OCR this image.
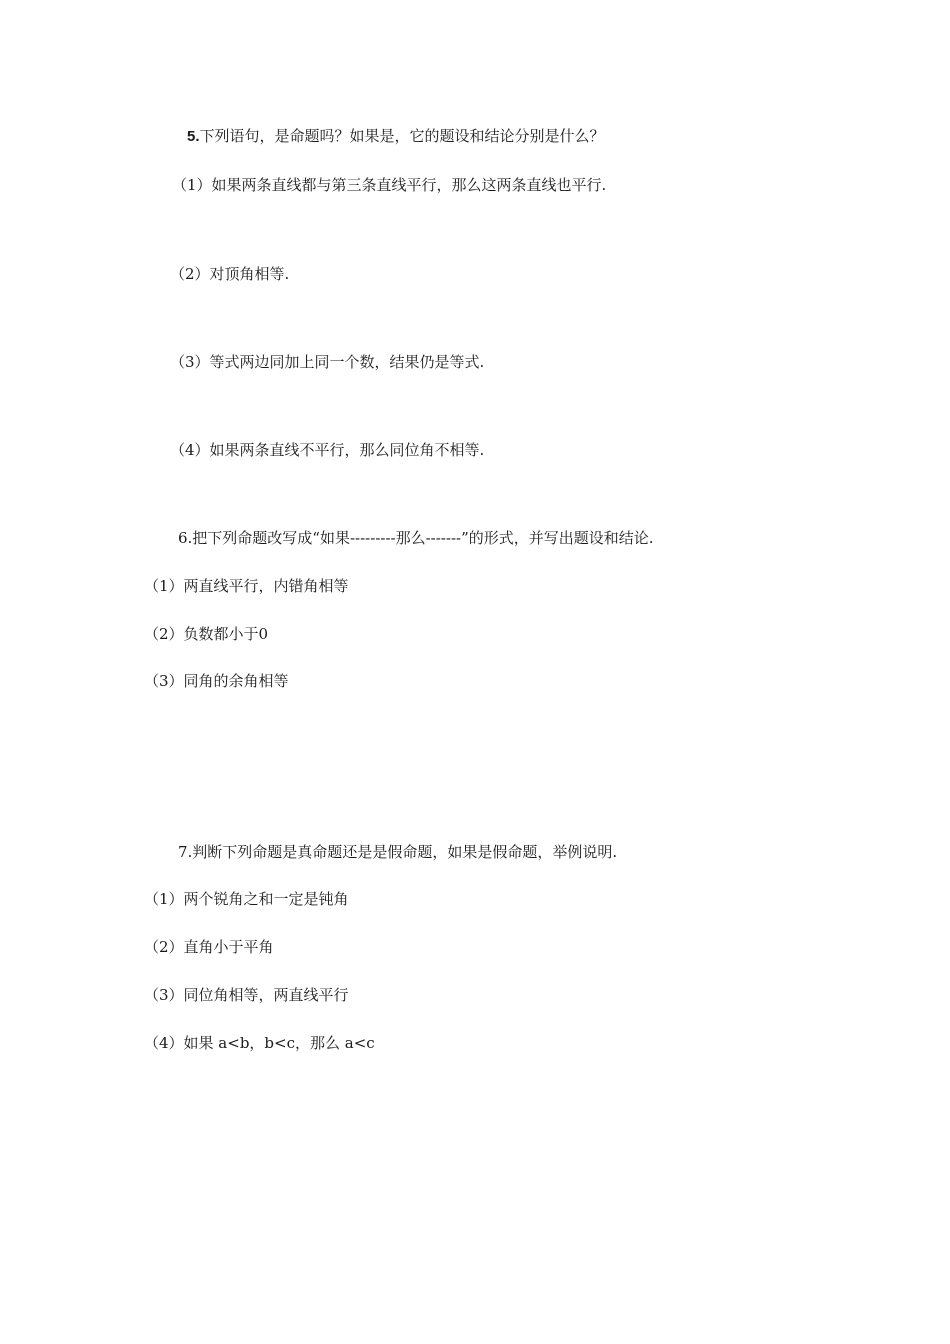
5.下列语句，是命题吗？如果是，它的题设和结论分别是什么？
（1）如果两条直线都与第三条直线平行，那么这两条直线也平行.
（2）对顶角相等.
（3）等式两边同加上同一个数，结果仍是等式.
（4）如果两条直线不平行，那么同位角不相等.
6.把下列命题改写成“如果---------那么-------”的形式，并写出题设和结论.
（1）两直线平行，内错角相等
（2）负数都小于0
（3）同角的余角相等
7.判断下列命题是真命题还是是假命题，如果是假命题，举例说明.
（1）两个锐角之和一定是钝角
（2）直角小于平角
（3）同位角相等，两直线平行
（4）如果 a<b，b<c，那么 a<c
